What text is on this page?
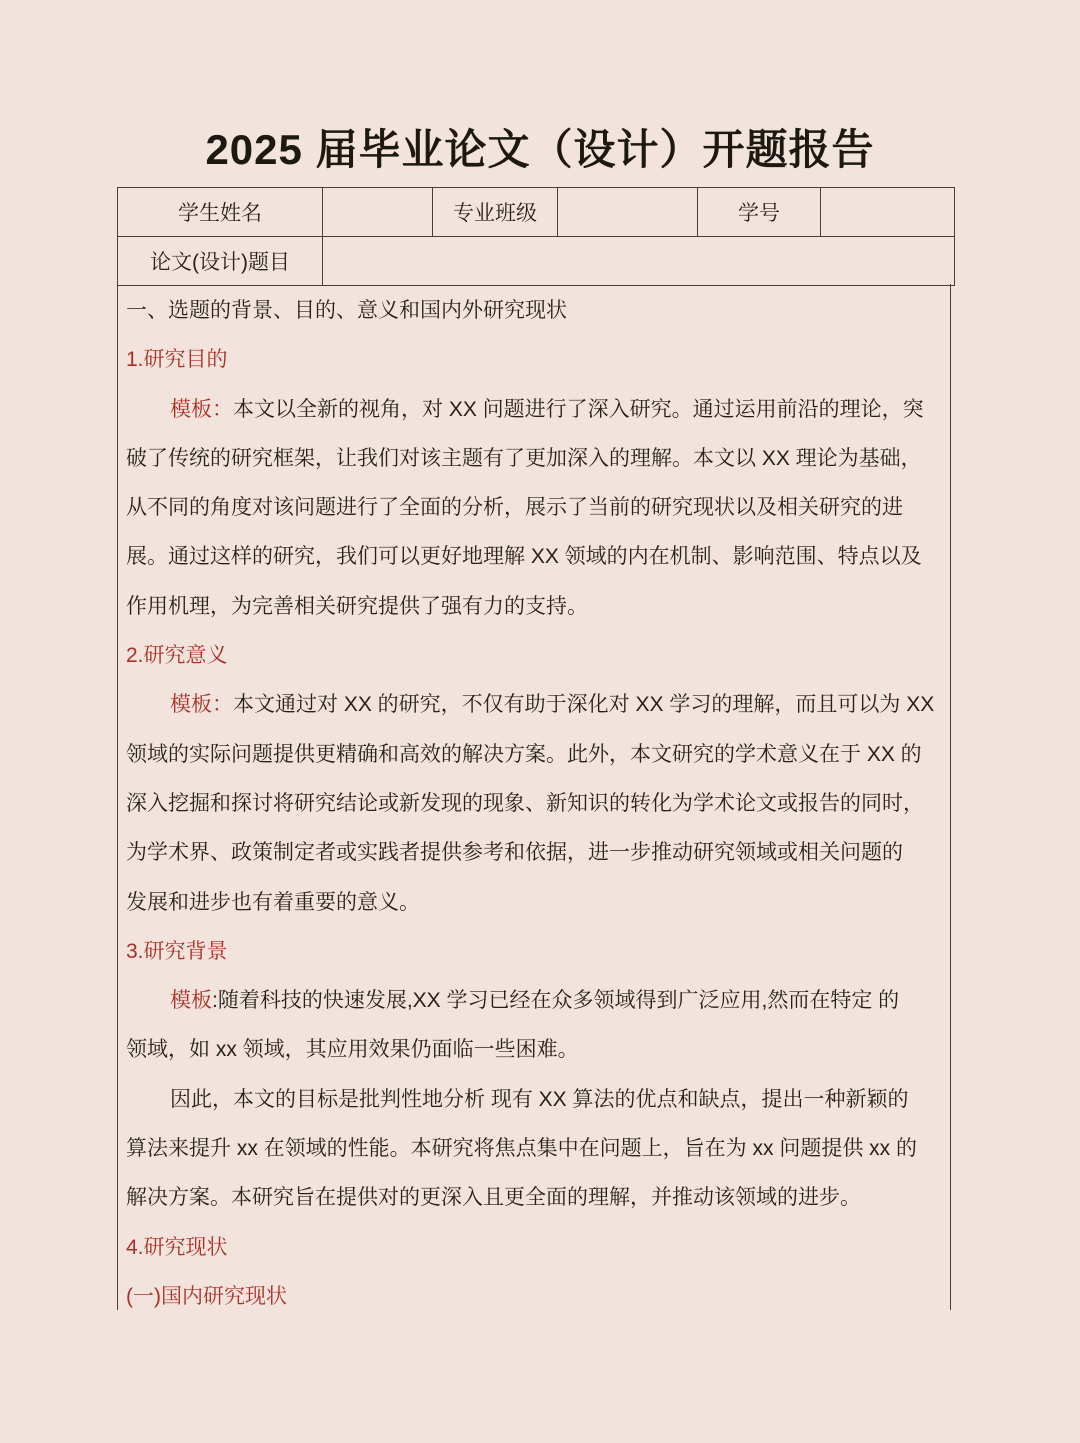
2025 届毕业论文（设计）开题报告
学生姓名		专业班级		学号	
论文(设计)题目					
一、选题的背景、目的、意义和国内外研究现状
1.研究目的
模板：本文以全新的视角，对 XX 问题进行了深入研究。通过运用前沿的理论，突
破了传统的研究框架，让我们对该主题有了更加深入的理解。本文以 XX 理论为基础，
从不同的角度对该问题进行了全面的分析，展示了当前的研究现状以及相关研究的进
展。通过这样的研究，我们可以更好地理解 XX 领域的内在机制、影响范围、特点以及
作用机理，为完善相关研究提供了强有力的支持。
2.研究意义
模板：本文通过对 XX 的研究，不仅有助于深化对 XX 学习的理解，而且可以为 XX
领域的实际问题提供更精确和高效的解决方案。此外，本文研究的学术意义在于 XX 的
深入挖掘和探讨将研究结论或新发现的现象、新知识的转化为学术论文或报告的同时，
为学术界、政策制定者或实践者提供参考和依据，进一步推动研究领域或相关问题的
发展和进步也有着重要的意义。
3.研究背景
模板:随着科技的快速发展,XX 学习已经在众多领域得到广泛应用,然而在特定 的
领域，如 xx 领域，其应用效果仍面临一些困难。
因此，本文的目标是批判性地分析 现有 XX 算法的优点和缺点，提出一种新颖的
算法来提升 xx 在领域的性能。本研究将焦点集中在问题上，旨在为 xx 问题提供 xx 的
解决方案。本研究旨在提供对的更深入且更全面的理解，并推动该领域的进步。
4.研究现状
(一)国内研究现状
